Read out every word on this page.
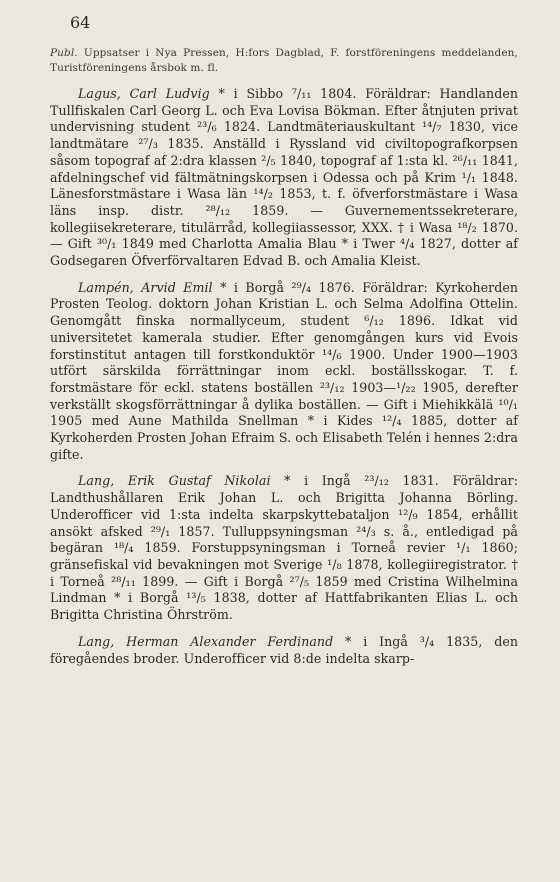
64

Publ. Uppsatser i Nya Pressen, H:fors Dagblad, F. forstföreningens meddelanden, Turistföreningens årsbok m. fl.

Lagus, Carl Ludvig * i Sibbo ⁷/₁₁ 1804. Föräldrar: Handlanden Tullfiskalen Carl Georg L. och Eva Lovisa Bökman. Efter åtnjuten privat undervisning student ²³/₆ 1824. Landtmäteriauskultant ¹⁴/₇ 1830, vice landtmätare ²⁷/₃ 1835. Anställd i Ryssland vid civiltopografkorpsen såsom topograf af 2:dra klassen ²/₅ 1840, topograf af 1:sta kl. ²⁶/₁₁ 1841, afdelningschef vid fältmätningskorpsen i Odessa och på Krim ¹/₁ 1848. Länesforstmästare i Wasa län ¹⁴/₂ 1853, t. f. öfverforstmästare i Wasa läns insp. distr. ²⁸/₁₂ 1859. — Guvernementssekreterare, kollegiisekreterare, titulärråd, kollegiiassessor, XXX. † i Wasa ¹⁸/₂ 1870. — Gift ³⁰/₁ 1849 med Charlotta Amalia Blau * i Twer ⁴/₄ 1827, dotter af Godsegaren Öfverförvaltaren Edvad B. och Amalia Kleist.

Lampén, Arvid Emil * i Borgå ²⁹/₄ 1876. Föräldrar: Kyrkoherden Prosten Teolog. doktorn Johan Kristian L. och Selma Adolfina Ottelin. Genomgått finska normallyceum, student ⁶/₁₂ 1896. Idkat vid universitetet kamerala studier. Efter genomgången kurs vid Evois forstinstitut antagen till forstkonduktör ¹⁴/₆ 1900. Under 1900—1903 utfört särskilda förrättningar inom eckl. boställsskogar. T. f. forstmästare för eckl. statens boställen ²³/₁₂ 1903—¹/₂₂ 1905, derefter verkställt skogsförrättningar å dylika boställen. — Gift i Miehikkälä ¹⁰/₁ 1905 med Aune Mathilda Snellman * i Kides ¹²/₄ 1885, dotter af Kyrkoherden Prosten Johan Efraim S. och Elisabeth Telén i hennes 2:dra gifte.

Lang, Erik Gustaf Nikolai * i Ingå ²³/₁₂ 1831. Föräldrar: Landthushållaren Erik Johan L. och Brigitta Johanna Börling. Underofficer vid 1:sta indelta skarpskyttebataljon ¹²/₉ 1854, erhållit ansökt afsked ²⁹/₁ 1857. Tulluppsyningsman ²⁴/₃ s. å., entledigad på begäran ¹⁸/₄ 1859. Forstuppsyningsman i Torneå revier ¹/₁ 1860; gränsefiskal vid bevakningen mot Sverige ¹/₈ 1878, kollegiiregistrator. † i Torneå ²⁸/₁₁ 1899. — Gift i Borgå ²⁷/₅ 1859 med Cristina Wilhelmina Lindman * i Borgå ¹³/₅ 1838, dotter af Hattfabrikanten Elias L. och Brigitta Christina Öhrström.

Lang, Herman Alexander Ferdinand * i Ingå ³/₄ 1835, den föregåendes broder. Underofficer vid 8:de indelta skarp-
